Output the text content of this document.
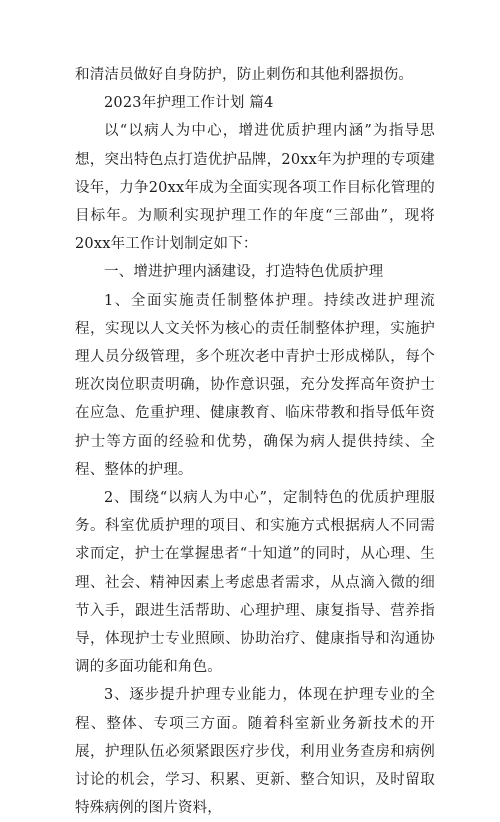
和清洁员做好自身防护，防止刺伤和其他利器损伤。

2023年护理工作计划 篇4

以“以病人为中心，增进优质护理内涵”为指导思想，突出特色点打造优护品牌，20xx年为护理的专项建设年，力争20xx年成为全面实现各项工作目标化管理的目标年。为顺利实现护理工作的年度“三部曲”，现将20xx年工作计划制定如下：

一、增进护理内涵建设，打造特色优质护理

1、全面实施责任制整体护理。持续改进护理流程，实现以人文关怀为核心的责任制整体护理，实施护理人员分级管理，多个班次老中青护士形成梯队，每个班次岗位职责明确，协作意识强，充分发挥高年资护士在应急、危重护理、健康教育、临床带教和指导低年资护士等方面的经验和优势，确保为病人提供持续、全程、整体的护理。

2、围绕“以病人为中心”，定制特色的优质护理服务。科室优质护理的项目、和实施方式根据病人不同需求而定，护士在掌握患者“十知道”的同时，从心理、生理、社会、精神因素上考虑患者需求，从点滴入微的细节入手，跟进生活帮助、心理护理、康复指导、营养指导，体现护士专业照顾、协助治疗、健康指导和沟通协调的多面功能和角色。

3、逐步提升护理专业能力，体现在护理专业的全程、整体、专项三方面。随着科室新业务新技术的开展，护理队伍必须紧跟医疗步伐，利用业务查房和病例讨论的机会，学习、积累、更新、整合知识，及时留取特殊病例的图片资料，
